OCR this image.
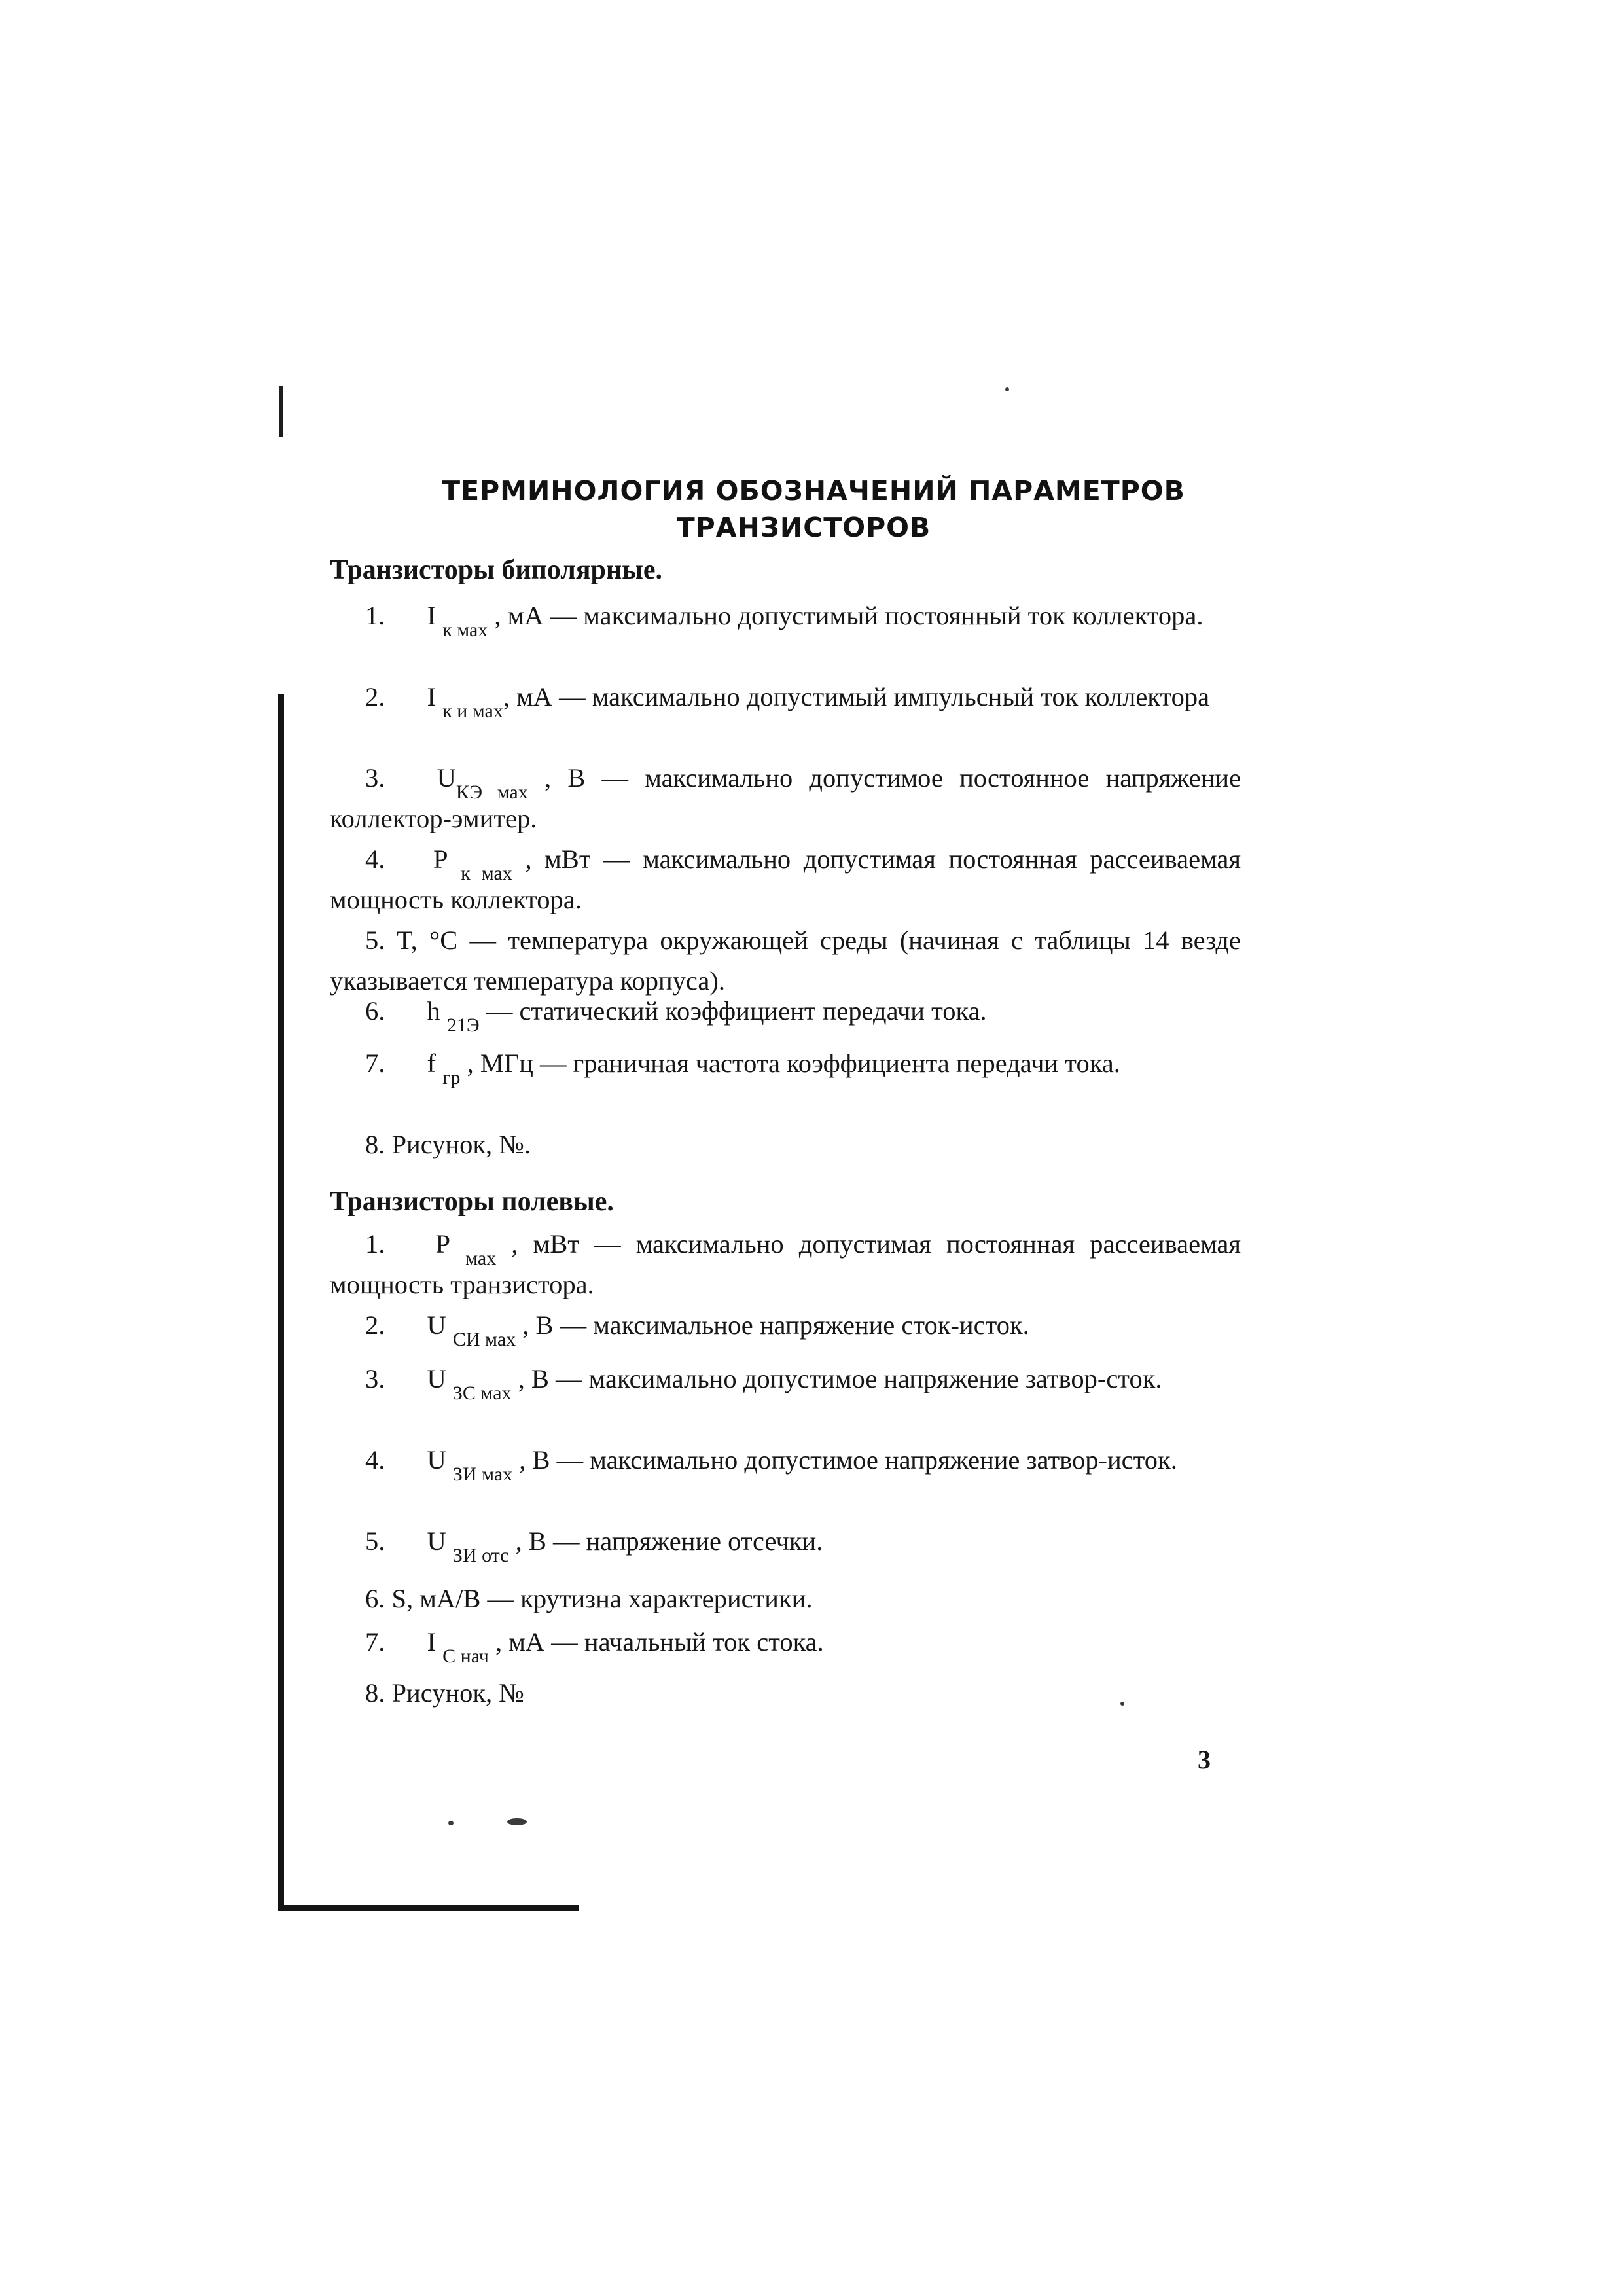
ТЕРМИНОЛОГИЯ ОБОЗНАЧЕНИЙ ПАРАМЕТРОВ
ТРАНЗИСТОРОВ
Транзисторы биполярные.

1. I $_{к мах}$ , мА — максимально допустимый постоянный ток коллектора.

2. I $_{к и мах}$, мА — максимально допустимый импульсный ток коллектора

3. $U_{КЭ мах}$ , В — максимально допустимое постоянное напряжение коллектор-эмитер.

4. P $_{к мах}$ , мВт — максимально допустимая постоянная рассеиваемая мощность коллектора.

5. T, °С — температура окружающей среды (начиная с таблицы 14 везде указывается температура корпуса).

6. h $_{21Э}$ — статический коэффициент передачи тока.

7. f $_{гр}$ , МГц — граничная частота коэффициента передачи тока.

8. Рисунок, №.

Транзисторы полевые.

1. P $_{мах}$ , мВт — максимально допустимая постоянная рассеиваемая мощность транзистора.

2. U $_{СИ мах}$ , В — максимальное напряжение сток-исток.

3. U $_{ЗС мах}$ , В — максимально допустимое напряжение затвор-сток.

4. U $_{ЗИ мах}$ , В — максимально допустимое напряжение затвор-исток.

5. U $_{ЗИ отс}$ , В — напряжение отсечки.

6. S, мА/В — крутизна характеристики.

7. I $_{С нач}$ , мА — начальный ток стока.

8. Рисунок, №

3
